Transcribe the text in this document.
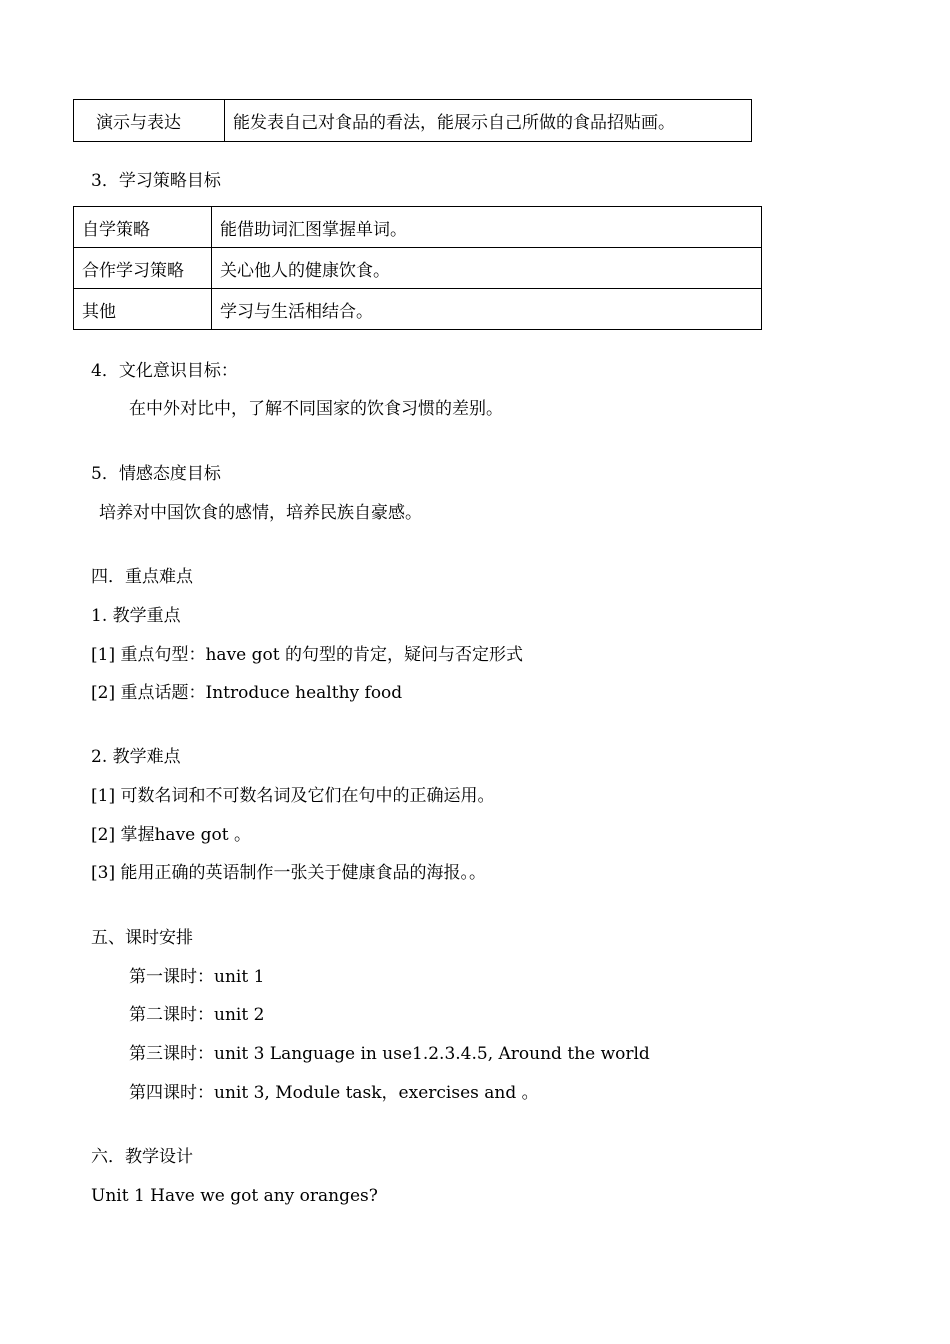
演示与表达	能发表自己对食品的看法，能展示自己所做的食品招贴画。
3．学习策略目标
自学策略	能借助词汇图掌握单词。
合作学习策略	关心他人的健康饮食。
其他	学习与生活相结合。
4．文化意识目标：
在中外对比中，了解不同国家的饮食习惯的差别。
5．情感态度目标
培养对中国饮食的感情，培养民族自豪感。
四．重点难点
1. 教学重点
[1] 重点句型：have got 的句型的肯定，疑问与否定形式
[2] 重点话题：Introduce healthy food
2. 教学难点
[1] 可数名词和不可数名词及它们在句中的正确运用。
[2] 掌握have got 。
[3] 能用正确的英语制作一张关于健康食品的海报。。
五、课时安排
第一课时：unit 1
第二课时：unit 2
第三课时：unit 3 Language in use1.2.3.4.5, Around the world
第四课时：unit 3, Module task，exercises and 。
六．教学设计
Unit 1 Have we got any oranges?
